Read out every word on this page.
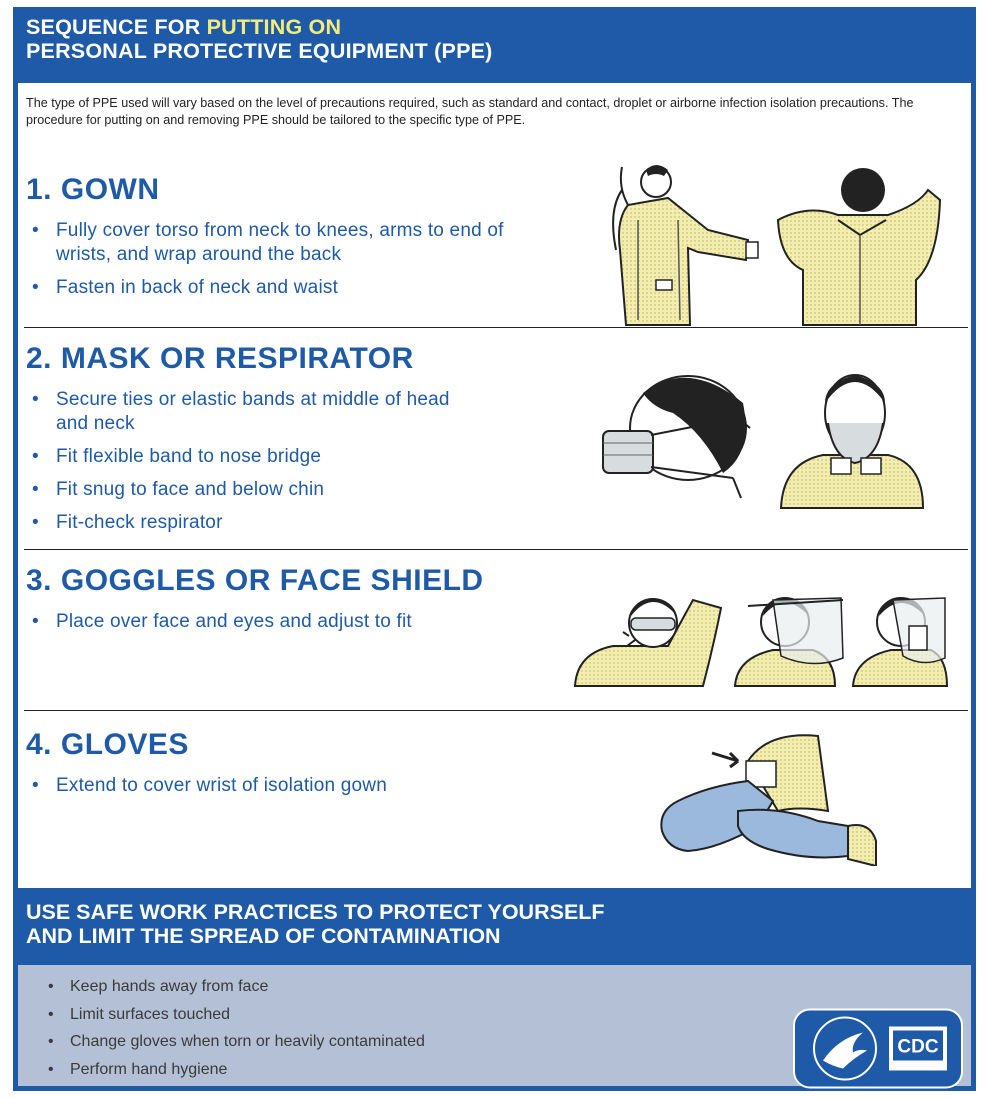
SEQUENCE FOR PUTTING ON
PERSONAL PROTECTIVE EQUIPMENT (PPE)
The type of PPE used will vary based on the level of precautions required, such as standard and contact, droplet or airborne infection isolation precautions. The procedure for putting on and removing PPE should be tailored to the specific type of PPE.
1. GOWN
• Fully cover torso from neck to knees, arms to end of wrists, and wrap around the back
• Fasten in back of neck and waist
2. MASK OR RESPIRATOR
• Secure ties or elastic bands at middle of head and neck
• Fit flexible band to nose bridge
• Fit snug to face and below chin
• Fit-check respirator
3. GOGGLES OR FACE SHIELD
• Place over face and eyes and adjust to fit
4. GLOVES
• Extend to cover wrist of isolation gown
USE SAFE WORK PRACTICES TO PROTECT YOURSELF
AND LIMIT THE SPREAD OF CONTAMINATION
• Keep hands away from face
• Limit surfaces touched
• Change gloves when torn or heavily contaminated
• Perform hand hygiene
CDC
